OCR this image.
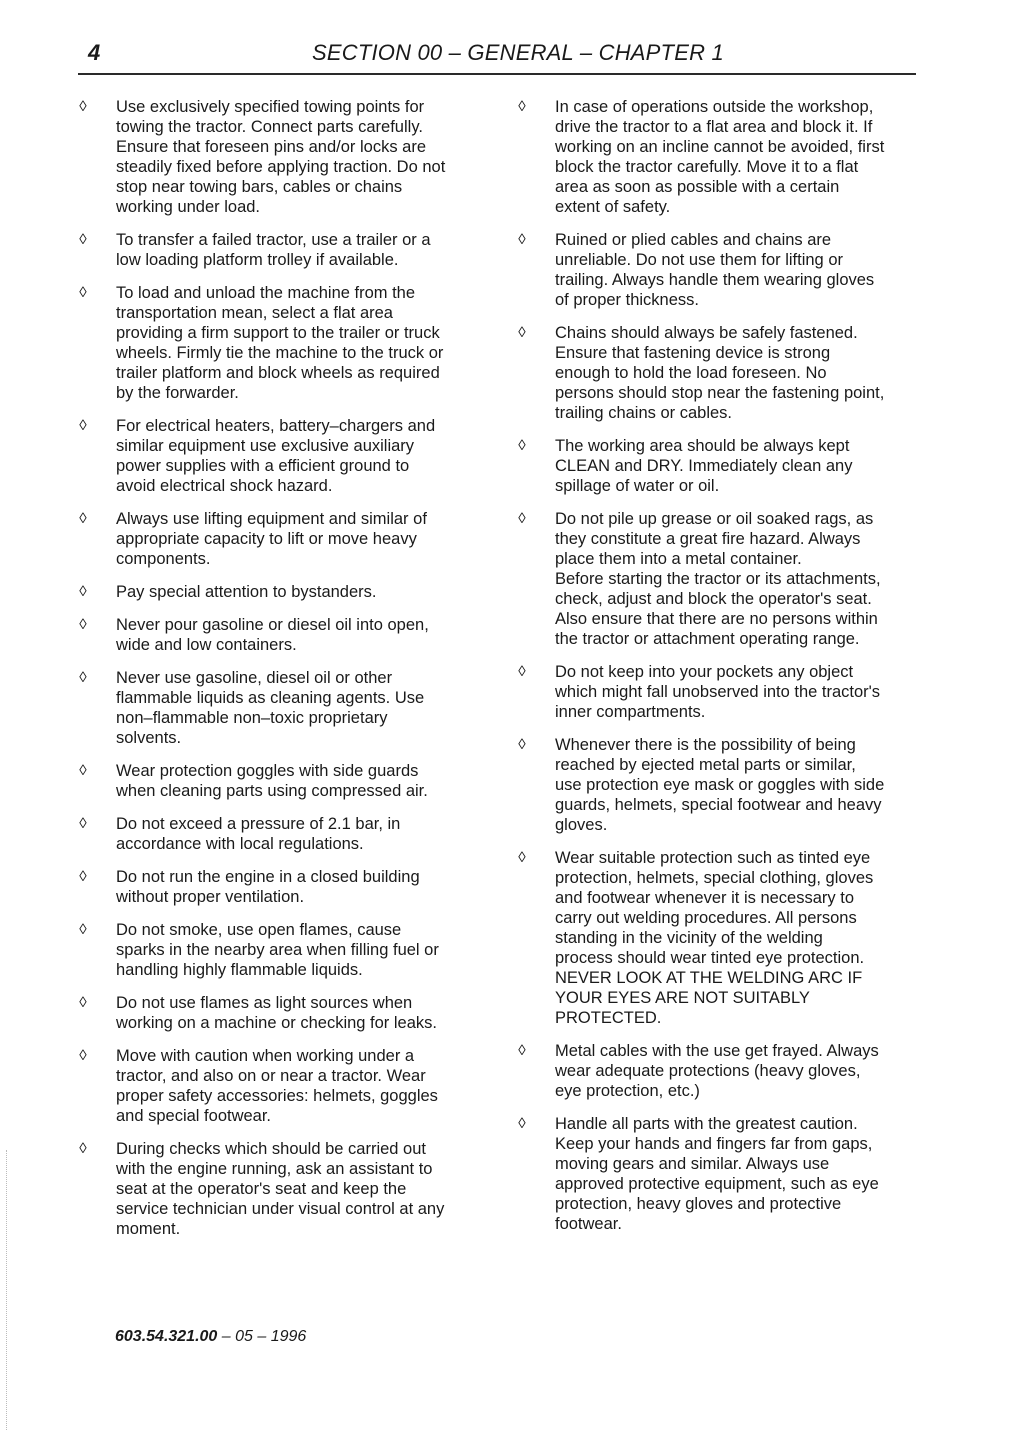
4	SECTION 00 – GENERAL – CHAPTER 1
◊ Use exclusively specified towing points for towing the tractor. Connect parts carefully. Ensure that foreseen pins and/or locks are steadily fixed before applying traction. Do not stop near towing bars, cables or chains working under load.
◊ To transfer a failed tractor, use a trailer or a low loading platform trolley if available.
◊ To load and unload the machine from the transportation mean, select a flat area providing a firm support to the trailer or truck wheels. Firmly tie the machine to the truck or trailer platform and block wheels as required by the forwarder.
◊ For electrical heaters, battery–chargers and similar equipment use exclusive auxiliary power supplies with a efficient ground to avoid electrical shock hazard.
◊ Always use lifting equipment and similar of appropriate capacity to lift or move heavy components.
◊ Pay special attention to bystanders.
◊ Never pour gasoline or diesel oil into open, wide and low containers.
◊ Never use gasoline, diesel oil or other flammable liquids as cleaning agents. Use non–flammable non–toxic proprietary solvents.
◊ Wear protection goggles with side guards when cleaning parts using compressed air.
◊ Do not exceed a pressure of 2.1 bar, in accordance with local regulations.
◊ Do not run the engine in a closed building without proper ventilation.
◊ Do not smoke, use open flames, cause sparks in the nearby area when filling fuel or handling highly flammable liquids.
◊ Do not use flames as light sources when working on a machine or checking for leaks.
◊ Move with caution when working under a tractor, and also on or near a tractor. Wear proper safety accessories: helmets, goggles and special footwear.
◊ During checks which should be carried out with the engine running, ask an assistant to seat at the operator's seat and keep the service technician under visual control at any moment.
◊ In case of operations outside the workshop, drive the tractor to a flat area and block it. If working on an incline cannot be avoided, first block the tractor carefully. Move it to a flat area as soon as possible with a certain extent of safety.
◊ Ruined or plied cables and chains are unreliable. Do not use them for lifting or trailing. Always handle them wearing gloves of proper thickness.
◊ Chains should always be safely fastened. Ensure that fastening device is strong enough to hold the load foreseen. No persons should stop near the fastening point, trailing chains or cables.
◊ The working area should be always kept CLEAN and DRY. Immediately clean any spillage of water or oil.
◊ Do not pile up grease or oil soaked rags, as they constitute a great fire hazard. Always place them into a metal container.
Before starting the tractor or its attachments, check, adjust and block the operator's seat. Also ensure that there are no persons within the tractor or attachment operating range.
◊ Do not keep into your pockets any object which might fall unobserved into the tractor's inner compartments.
◊ Whenever there is the possibility of being reached by ejected metal parts or similar, use protection eye mask or goggles with side guards, helmets, special footwear and heavy gloves.
◊ Wear suitable protection such as tinted eye protection, helmets, special clothing, gloves and footwear whenever it is necessary to carry out welding procedures. All persons standing in the vicinity of the welding process should wear tinted eye protection. NEVER LOOK AT THE WELDING ARC IF YOUR EYES ARE NOT SUITABLY PROTECTED.
◊ Metal cables with the use get frayed. Always wear adequate protections (heavy gloves, eye protection, etc.)
◊ Handle all parts with the greatest caution. Keep your hands and fingers far from gaps, moving gears and similar. Always use approved protective equipment, such as eye protection, heavy gloves and protective footwear.
603.54.321.00 – 05 – 1996
